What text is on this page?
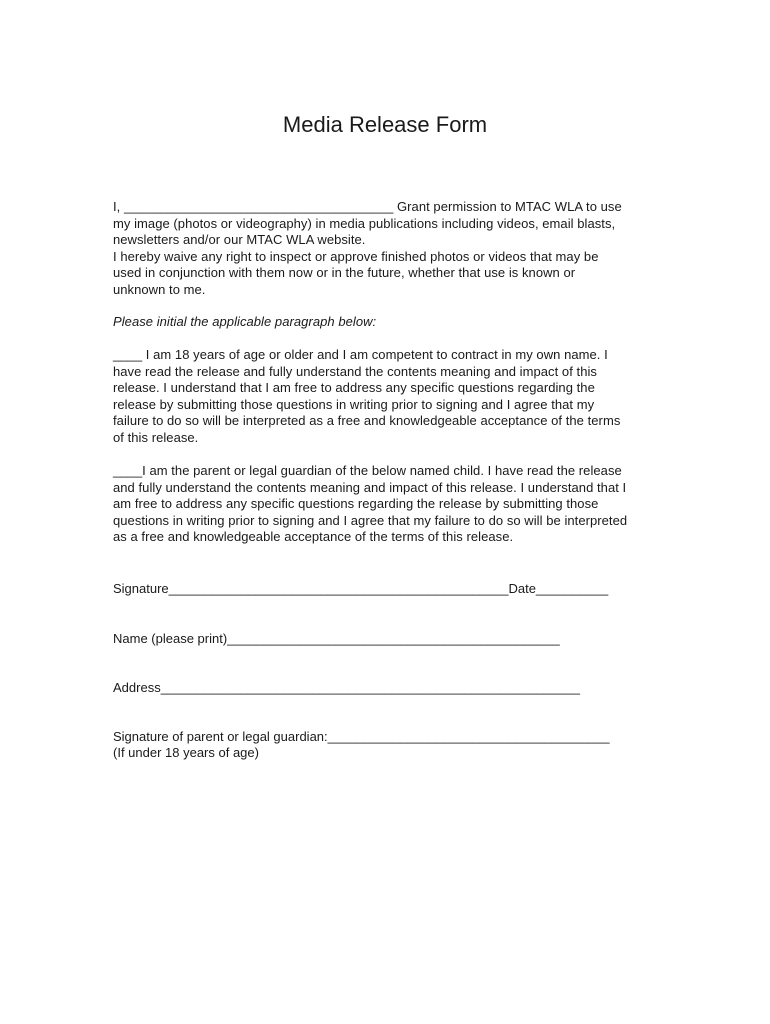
Media Release Form
I, _____________________________________ Grant permission to MTAC WLA to use
my image (photos or videography) in media publications including videos, email blasts,
newsletters and/or our MTAC WLA website.
I hereby waive any right to inspect or approve finished photos or videos that may be
used in conjunction with them now or in the future, whether that use is known or
unknown to me.
Please initial the applicable paragraph below:
____ I am 18 years of age or older and I am competent to contract in my own name. I
have read the release and fully understand the contents meaning and impact of this
release. I understand that I am free to address any specific questions regarding the
release by submitting those questions in writing prior to signing and I agree that my
failure to do so will be interpreted as a free and knowledgeable acceptance of the terms
of this release.
____I am the parent or legal guardian of the below named child. I have read the release
and fully understand the contents meaning and impact of this release. I understand that I
am free to address any specific questions regarding the release by submitting those
questions in writing prior to signing and I agree that my failure to do so will be interpreted
as a free and knowledgeable acceptance of the terms of this release.
Signature_______________________________________________Date__________
Name (please print)______________________________________________
Address__________________________________________________________
Signature of parent or legal guardian:_______________________________________
(If under 18 years of age)
